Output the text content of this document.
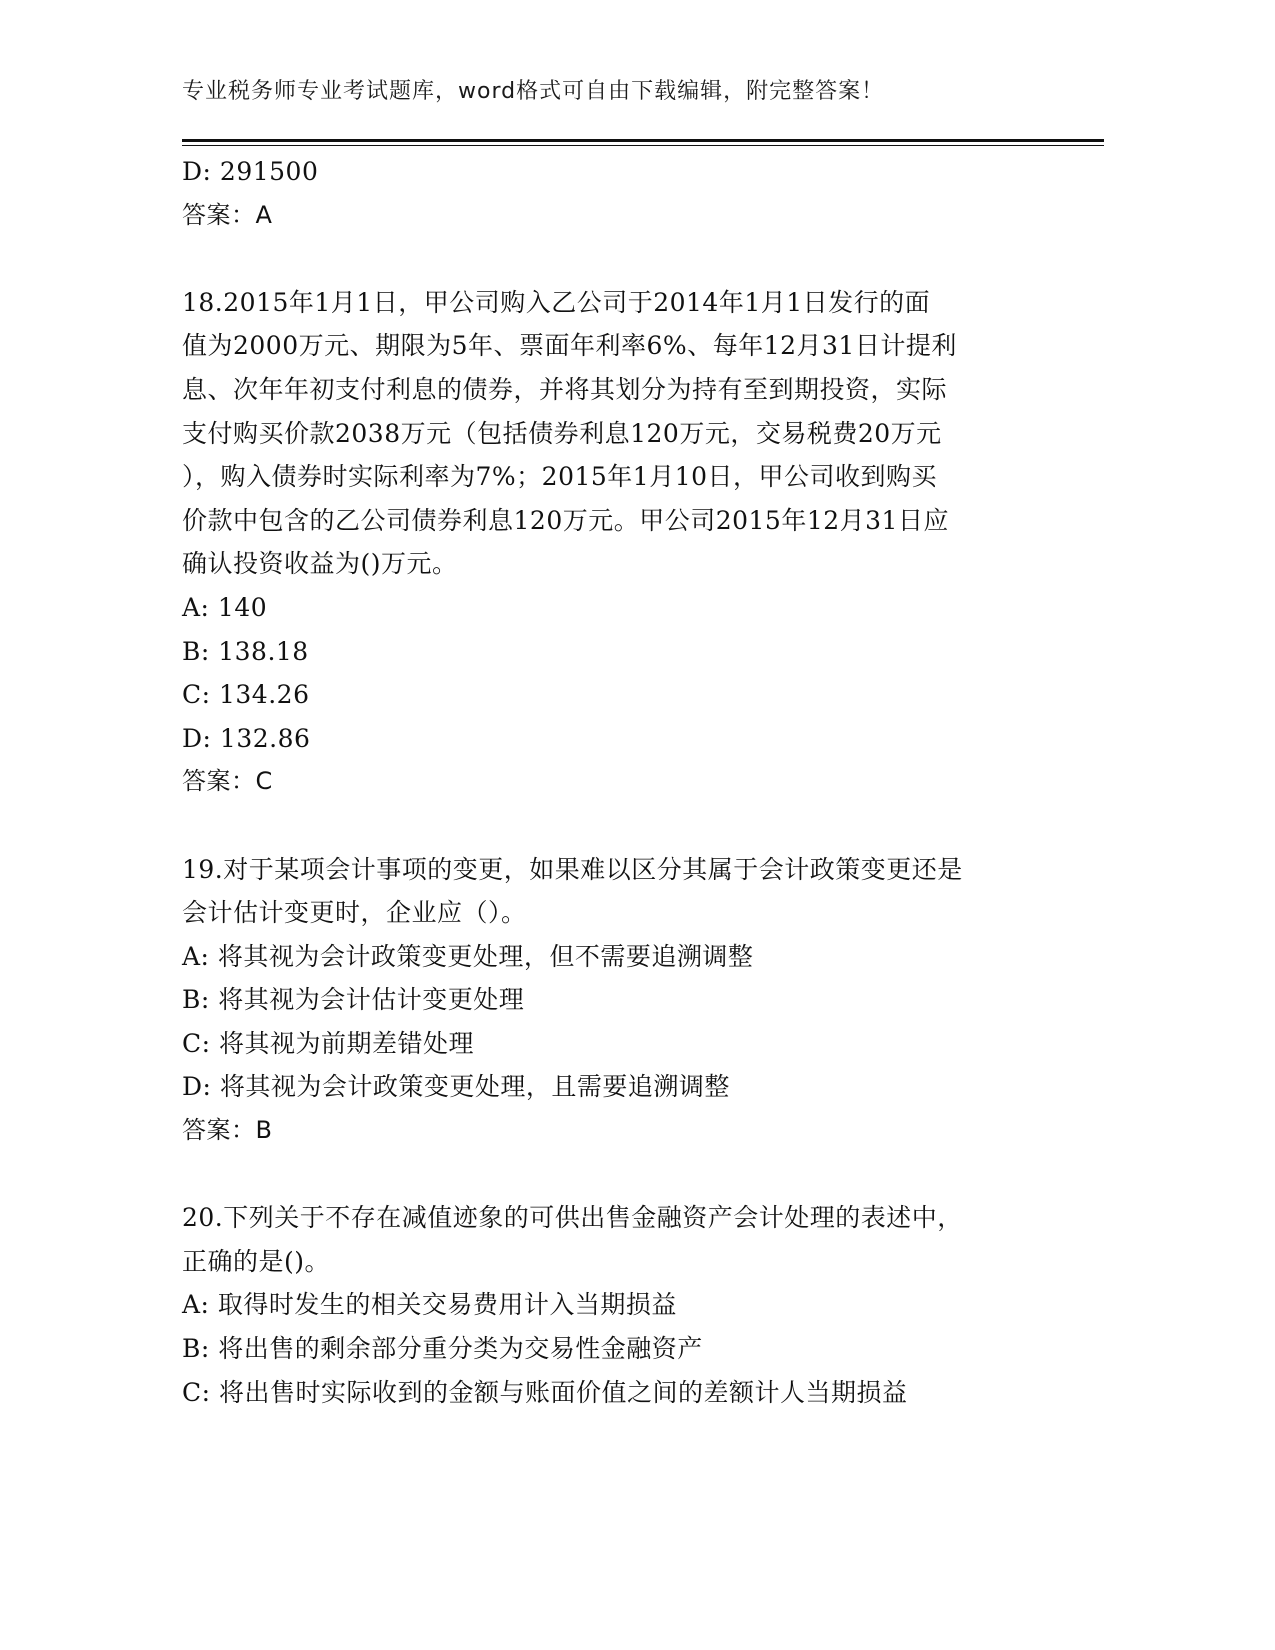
专业税务师专业考试题库，word格式可自由下载编辑，附完整答案！
D: 291500
答案：A
18.2015年1月1日，甲公司购入乙公司于2014年1月1日发行的面
值为2000万元、期限为5年、票面年利率6%、每年12月31日计提利
息、次年年初支付利息的债券，并将其划分为持有至到期投资，实际
支付购买价款2038万元（包括债券利息120万元，交易税费20万元
），购入债券时实际利率为7%；2015年1月10日，甲公司收到购买
价款中包含的乙公司债券利息120万元。甲公司2015年12月31日应
确认投资收益为()万元。
A: 140
B: 138.18
C: 134.26
D: 132.86
答案：C
19.对于某项会计事项的变更，如果难以区分其属于会计政策变更还是
会计估计变更时，企业应（）。
A: 将其视为会计政策变更处理，但不需要追溯调整
B: 将其视为会计估计变更处理
C: 将其视为前期差错处理
D: 将其视为会计政策变更处理，且需要追溯调整
答案：B
20.下列关于不存在减值迹象的可供出售金融资产会计处理的表述中，
正确的是()。
A: 取得时发生的相关交易费用计入当期损益
B: 将出售的剩余部分重分类为交易性金融资产
C: 将出售时实际收到的金额与账面价值之间的差额计人当期损益
